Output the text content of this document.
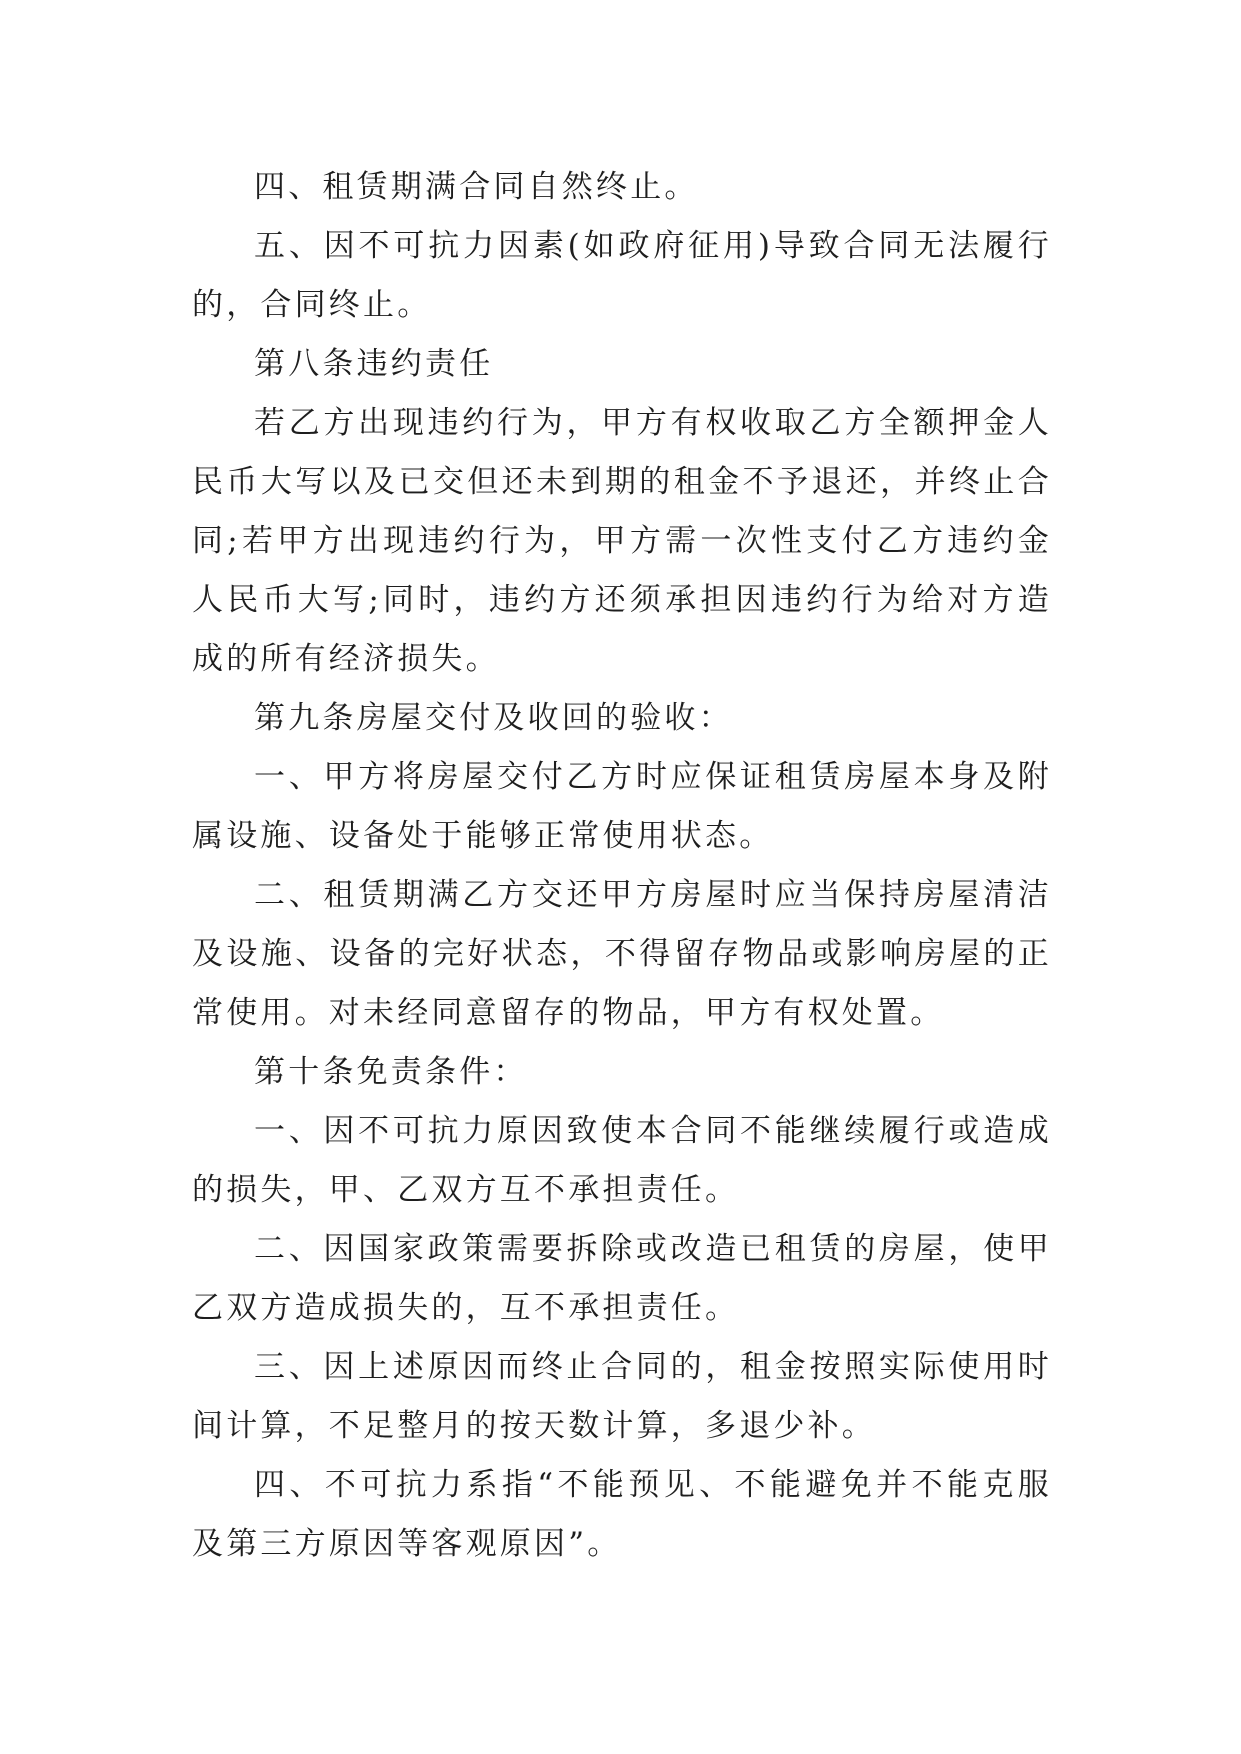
四、租赁期满合同自然终止。

五、因不可抗力因素(如政府征用)导致合同无法履行的，合同终止。

第八条违约责任

若乙方出现违约行为，甲方有权收取乙方全额押金人民币大写以及已交但还未到期的租金不予退还，并终止合同;若甲方出现违约行为，甲方需一次性支付乙方违约金人民币大写;同时，违约方还须承担因违约行为给对方造成的所有经济损失。

第九条房屋交付及收回的验收：

一、甲方将房屋交付乙方时应保证租赁房屋本身及附属设施、设备处于能够正常使用状态。

二、租赁期满乙方交还甲方房屋时应当保持房屋清洁及设施、设备的完好状态，不得留存物品或影响房屋的正常使用。对未经同意留存的物品，甲方有权处置。

第十条免责条件：

一、因不可抗力原因致使本合同不能继续履行或造成的损失，甲、乙双方互不承担责任。

二、因国家政策需要拆除或改造已租赁的房屋，使甲乙双方造成损失的，互不承担责任。

三、因上述原因而终止合同的，租金按照实际使用时间计算，不足整月的按天数计算，多退少补。

四、不可抗力系指“不能预见、不能避免并不能克服及第三方原因等客观原因”。
